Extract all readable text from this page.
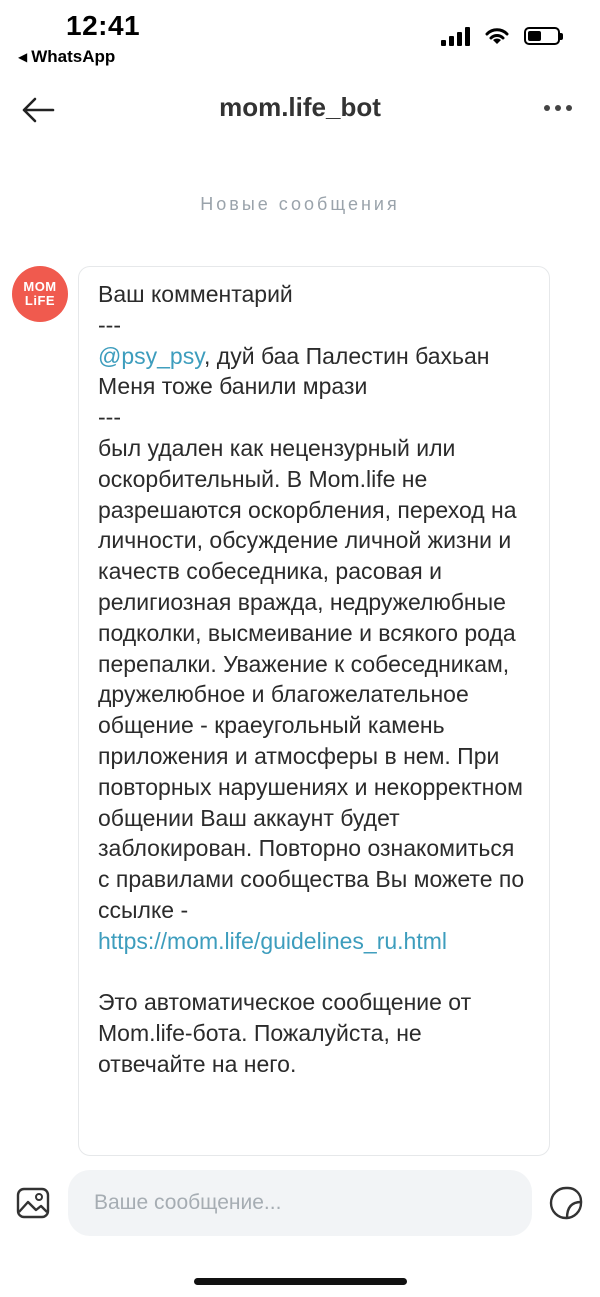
12:41
◀ WhatsApp
mom.life_bot
Новые сообщения
MOM
LiFE Ваш комментарий
---
@psy_psy, дуй баа Палестин бахьан
Меня тоже банили мрази
---
был удален как нецензурный или оскорбительный. В Mom.life не разрешаются оскорбления, переход на личности, обсуждение личной жизни и качеств собеседника, расовая и религиозная вражда, недружелюбные подколки, высмеивание и всякого рода перепалки. Уважение к собеседникам, дружелюбное и благожелательное общение - краеугольный камень приложения и атмосферы в нем. При повторных нарушениях и некорректном общении Ваш аккаунт будет заблокирован. Повторно ознакомиться с правилами сообщества Вы можете по ссылке -
https://mom.life/guidelines_ru.html

Это автоматическое сообщение от Mom.life-бота. Пожалуйста, не отвечайте на него.
Ваше сообщение...
